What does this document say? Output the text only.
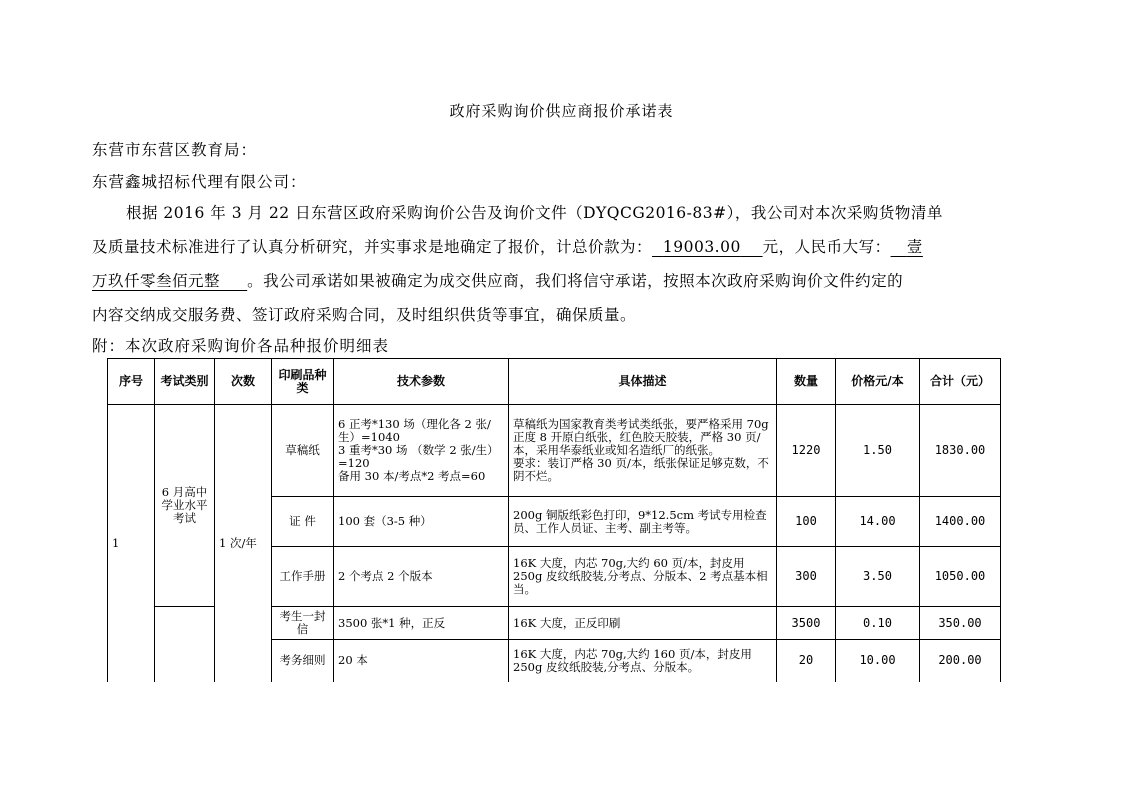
政府采购询价供应商报价承诺表
东营市东营区教育局：
东营鑫城招标代理有限公司：
根据 2016 年 3 月 22 日东营区政府采购询价公告及询价文件（DYQCG2016-83#），我公司对本次采购货物清单
及质量技术标准进行了认真分析研究，并实事求是地确定了报价，计总价款为： 19003.00 元，人民币大写： 壹
万玖仟零叁佰元整 。我公司承诺如果被确定为成交供应商，我们将信守承诺，按照本次政府采购询价文件约定的
内容交纳成交服务费、签订政府采购合同，及时组织供货等事宜，确保质量。
附：本次政府采购询价各品种报价明细表
序号	考试类别	次数	印刷品种类	技术参数	具体描述	数量	价格元/本	合计（元）
1	6 月高中学业水平考试	1 次/年	草稿纸	6 正考*130 场（理化各 2 张/生）=1040
3 重考*30 场 （数学 2 张/生）=120
备用 30 本/考点*2 考点=60	草稿纸为国家教育类考试类纸张，要严格采用 70g 正度 8 开原白纸张，红色胶天胶装，严格 30 页/本，采用华泰纸业或知名造纸厂的纸张。
要求：装订严格 30 页/本，纸张保证足够克数，不阴不烂。	1220	1.50	1830.00
			证 件	100 套（3-5 种）	200g 铜版纸彩色打印，9*12.5cm 考试专用检查员、工作人员证、主考、副主考等。	100	14.00	1400.00
			工作手册	2 个考点 2 个版本	16K 大度，内芯 70g,大约 60 页/本，封皮用 250g 皮纹纸胶装,分考点、分版本、2 考点基本相当。	300	3.50	1050.00
			考生一封信	3500 张*1 种，正反	16K 大度，正反印刷	3500	0.10	350.00
			考务细则	20 本	16K 大度，内芯 70g,大约 160 页/本，封皮用 250g 皮纹纸胶装,分考点、分版本。	20	10.00	200.00
